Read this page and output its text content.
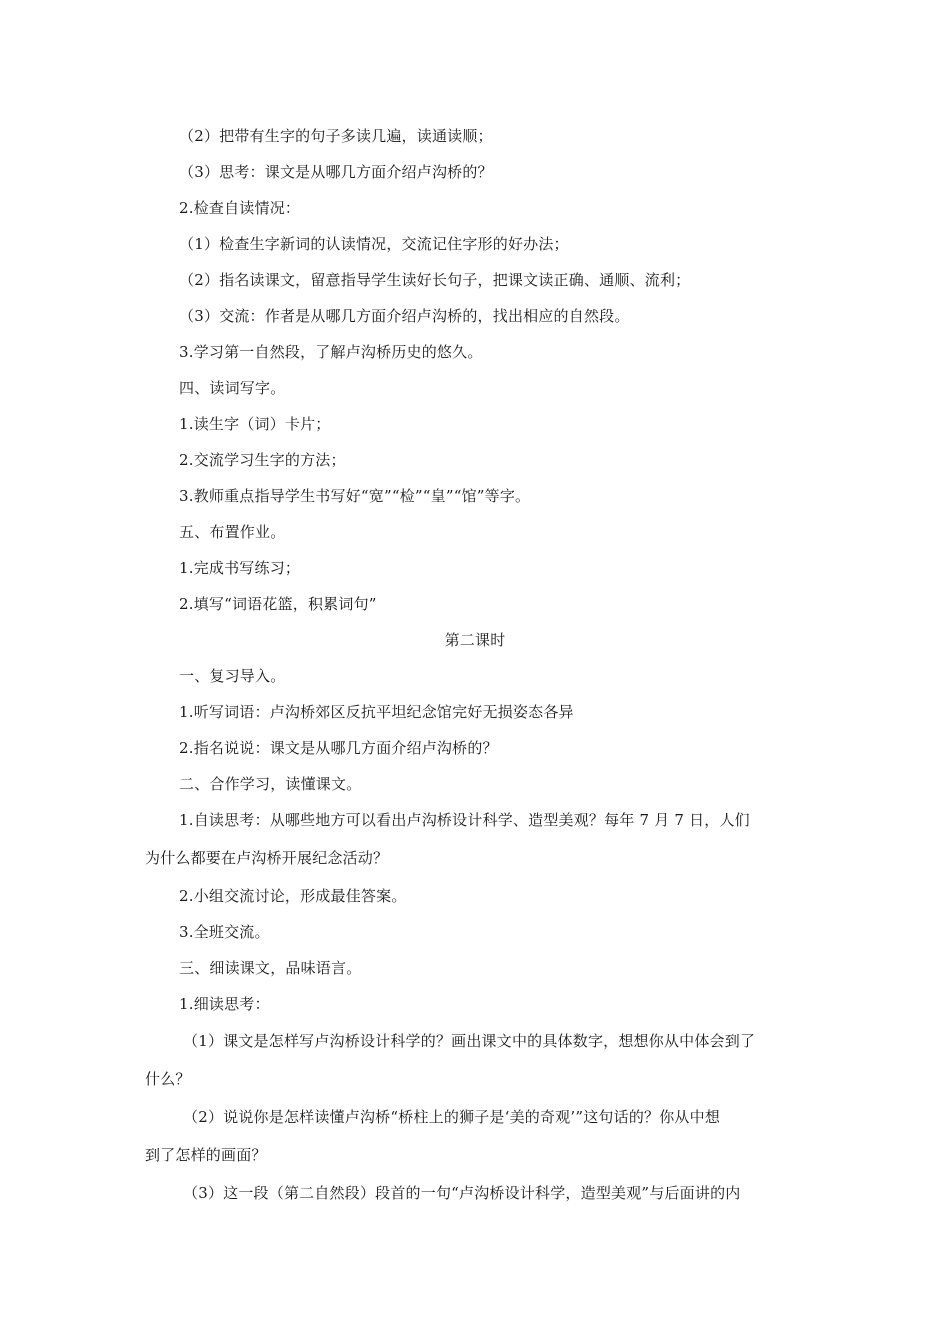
（2）把带有生字的句子多读几遍，读通读顺；
（3）思考：课文是从哪几方面介绍卢沟桥的？
2.检查自读情况：
（1）检查生字新词的认读情况，交流记住字形的好办法；
（2）指名读课文，留意指导学生读好长句子，把课文读正确、通顺、流利；
（3）交流：作者是从哪几方面介绍卢沟桥的，找出相应的自然段。
3.学习第一自然段，了解卢沟桥历史的悠久。
四、读词写字。
1.读生字（词）卡片；
2.交流学习生字的方法；
3.教师重点指导学生书写好“宽”“检”“皇”“馆”等字。
五、布置作业。
1.完成书写练习；
2.填写“词语花篮，积累词句”
第二课时
一、复习导入。
1.听写词语：卢沟桥郊区反抗平坦纪念馆完好无损姿态各异
2.指名说说：课文是从哪几方面介绍卢沟桥的？
二、合作学习，读懂课文。
1.自读思考：从哪些地方可以看出卢沟桥设计科学、造型美观？每年 7 月 7 日，人们
为什么都要在卢沟桥开展纪念活动？
2.小组交流讨论，形成最佳答案。
3.全班交流。
三、细读课文，品味语言。
1.细读思考：
（1）课文是怎样写卢沟桥设计科学的？画出课文中的具体数字，想想你从中体会到了
什么？
（2）说说你是怎样读懂卢沟桥“桥柱上的狮子是‘美的奇观’”这句话的？你从中想
到了怎样的画面？
（3）这一段（第二自然段）段首的一句“卢沟桥设计科学，造型美观”与后面讲的内
